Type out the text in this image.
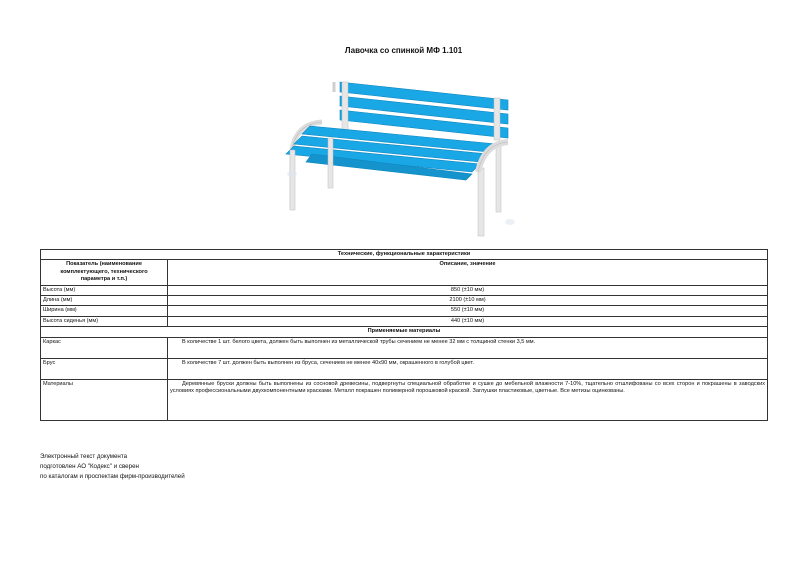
Лавочка со спинкой МФ 1.101
Технические, функциональные характеристики	
Показатель (наименование комплектующего, технического параметра и т.п.)	Описание, значение
Высота (мм)	850 (±10 мм)
Длина (мм)	2100 (±10 мм)
Ширина (мм)	550 (±10 мм)
Высота сиденья (мм)	440 (±10 мм)
Применяемые материалы	
Каркас	В количестве 1 шт. белого цвета, должен быть выполнен из металлической трубы сечением не менее 32 мм с толщиной стенки 3,5 мм.
Брус	В количестве 7 шт. должен быть выполнен из бруса, сечением не менее 40х90 мм, окрашенного в голубой цвет.
Материалы	Деревянные бруски должны быть выполнены из сосновой древесины, подвергнуты специальной обработке и сушке до мебельной влажности 7-10%, тщательно отшлифованы со всех сторон и покрашены в заводских условиях профессиональными двухкомпонентными красками. Металл покрашен полимерной порошковой краской. Заглушки пластиковые, цветные. Все метизы оцинкованы.
Электронный текст документа
подготовлен АО "Кодекс" и сверен
по каталогам и проспектам фирм-производителей
